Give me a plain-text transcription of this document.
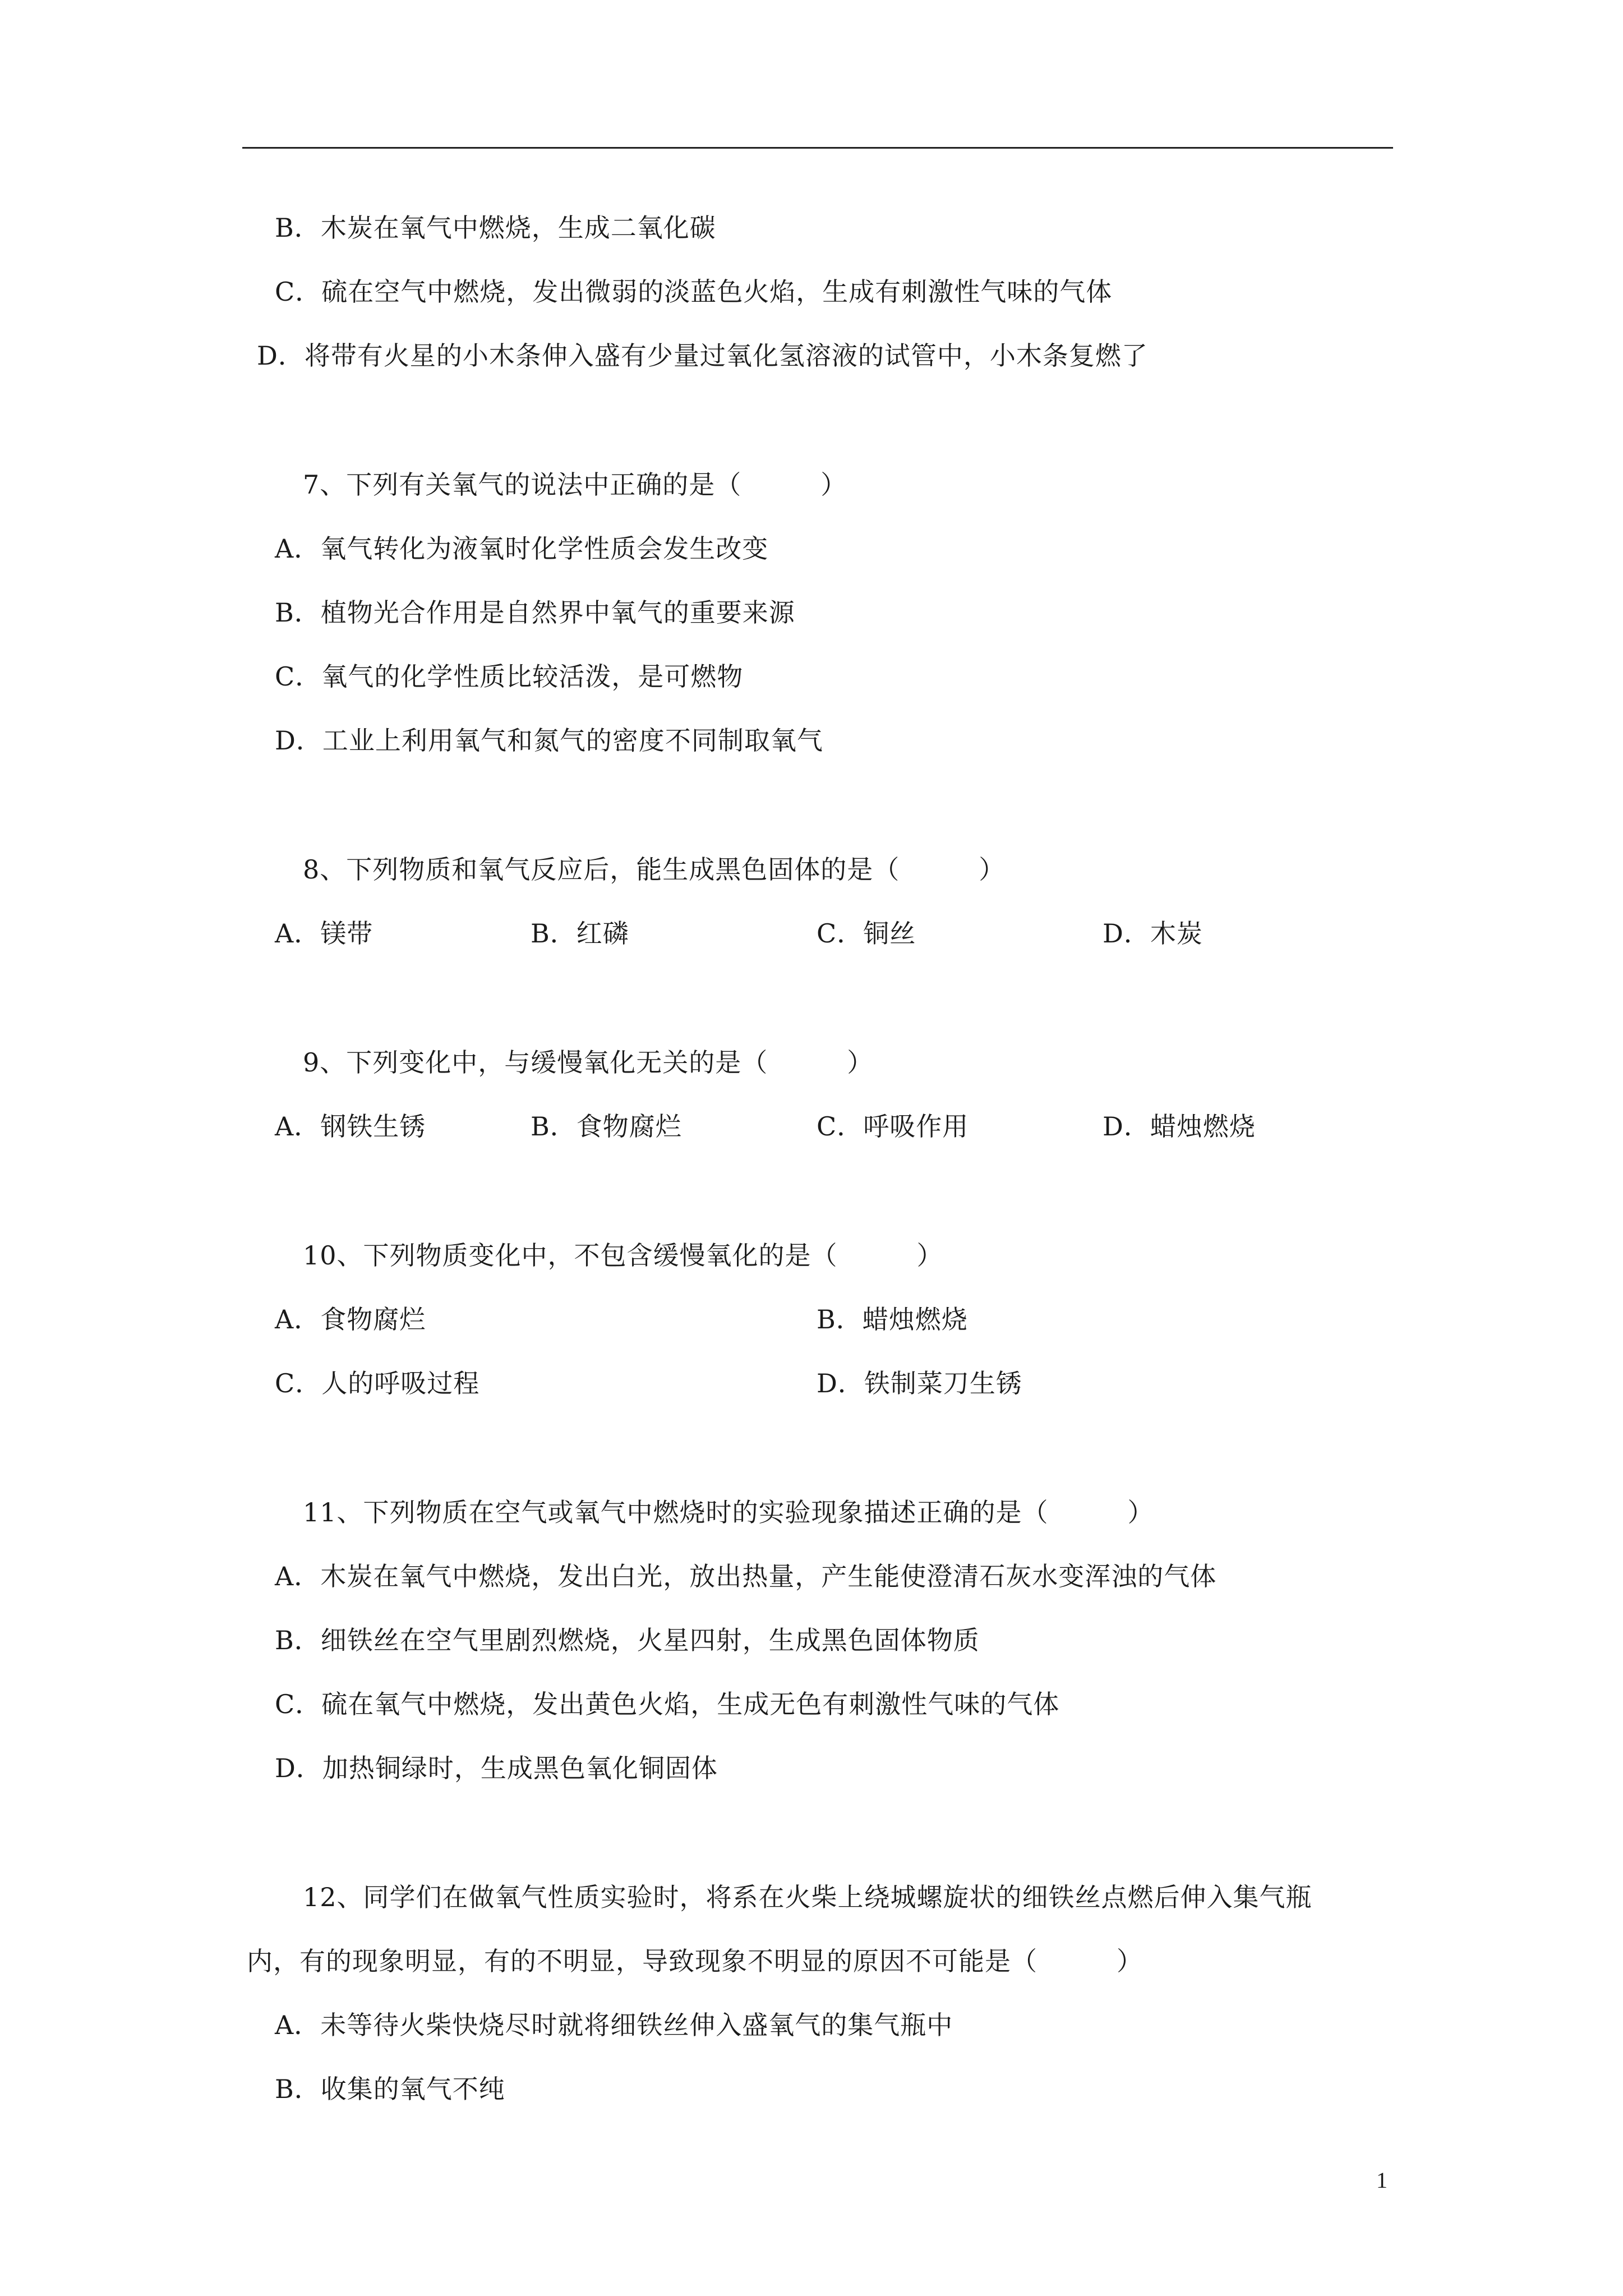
B．木炭在氧气中燃烧，生成二氧化碳
C．硫在空气中燃烧，发出微弱的淡蓝色火焰，生成有刺激性气味的气体
D．将带有火星的小木条伸入盛有少量过氧化氢溶液的试管中，小木条复燃了
7、下列有关氧气的说法中正确的是（　　　）
A．氧气转化为液氧时化学性质会发生改变
B．植物光合作用是自然界中氧气的重要来源
C．氧气的化学性质比较活泼，是可燃物
D．工业上利用氧气和氮气的密度不同制取氧气
8、下列物质和氧气反应后，能生成黑色固体的是（　　　）
A．镁带	B．红磷	C．铜丝	D．木炭
9、下列变化中，与缓慢氧化无关的是（　　　）
A．钢铁生锈	B．食物腐烂	C．呼吸作用	D．蜡烛燃烧
10、下列物质变化中，不包含缓慢氧化的是（　　　）
A．食物腐烂	B．蜡烛燃烧
C．人的呼吸过程	D．铁制菜刀生锈
11、下列物质在空气或氧气中燃烧时的实验现象描述正确的是（　　　）
A．木炭在氧气中燃烧，发出白光，放出热量，产生能使澄清石灰水变浑浊的气体
B．细铁丝在空气里剧烈燃烧，火星四射，生成黑色固体物质
C．硫在氧气中燃烧，发出黄色火焰，生成无色有刺激性气味的气体
D．加热铜绿时，生成黑色氧化铜固体
12、同学们在做氧气性质实验时，将系在火柴上绕城螺旋状的细铁丝点燃后伸入集气瓶
内，有的现象明显，有的不明显，导致现象不明显的原因不可能是（　　　）
A．未等待火柴快烧尽时就将细铁丝伸入盛氧气的集气瓶中
B．收集的氧气不纯
1
